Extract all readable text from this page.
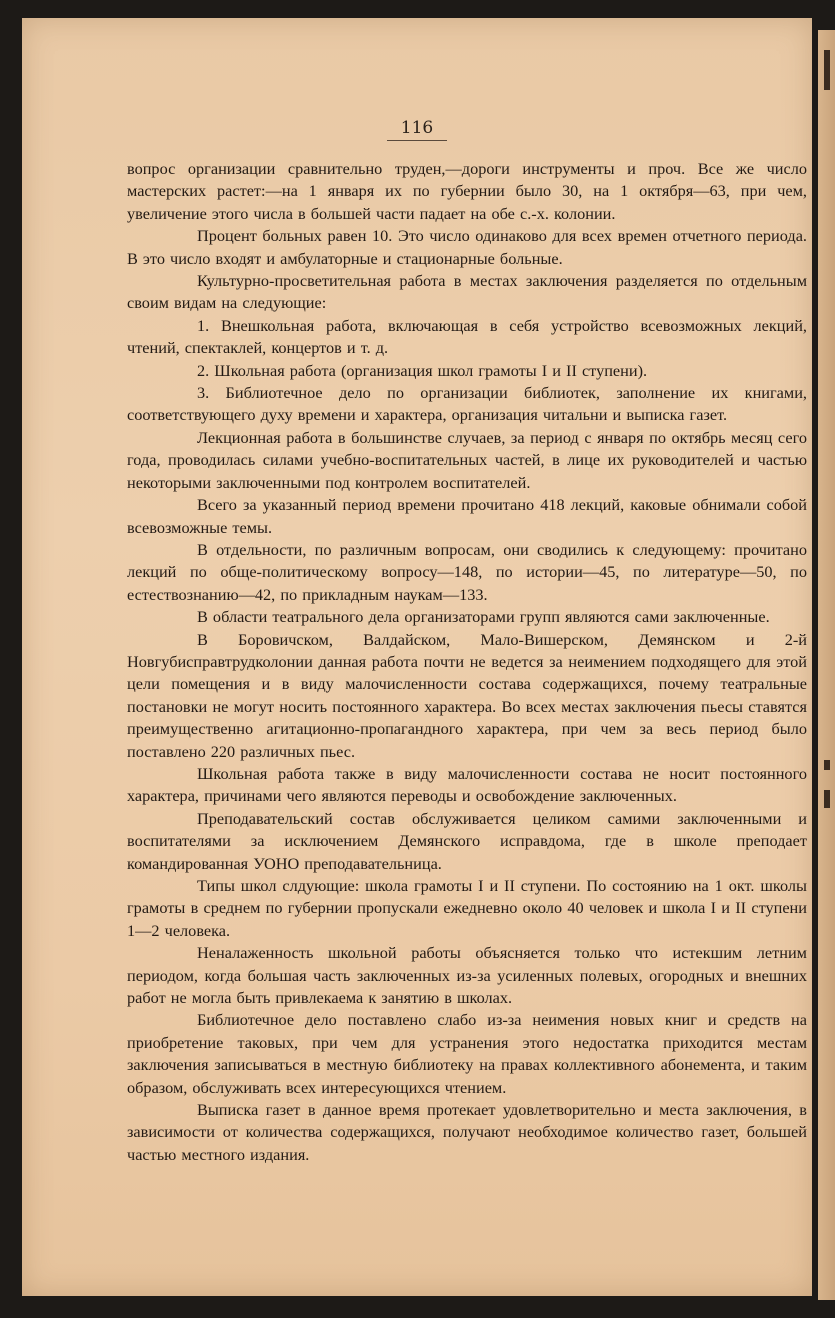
116

вопрос организации сравнительно труден,—дороги инструменты и проч. Все же число мастерских растет:—на 1 января их по губернии было 30, на 1 октября—63, при чем, увеличение этого числа в большей части падает на обе с.-х. колонии.

Процент больных равен 10. Это число одинаково для всех времен отчетного периода. В это число входят и амбулаторные и стационарные больные.

Культурно-просветительная работа в местах заключения разделяется по отдельным своим видам на следующие:

1. Внешкольная работа, включающая в себя устройство всевозможных лекций, чтений, спектаклей, концертов и т. д.

2. Школьная работа (организация школ грамоты I и II ступени).

3. Библиотечное дело по организации библиотек, заполнение их книгами, соответствующего духу времени и характера, организация читальни и выписка газет.

Лекционная работа в большинстве случаев, за период с января по октябрь месяц сего года, проводилась силами учебно-воспитательных частей, в лице их руководителей и частью некоторыми заключенными под контролем воспитателей.

Всего за указанный период времени прочитано 418 лекций, каковые обнимали собой всевозможные темы.

В отдельности, по различным вопросам, они сводились к следующему: прочитано лекций по обще-политическому вопросу—148, по истории—45, по литературе—50, по естествознанию—42, по прикладным наукам—133.

В области театрального дела организаторами групп являются сами заключенные.

В Боровичском, Валдайском, Мало-Вишерском, Демянском и 2-й Новгубисправтрудколонии данная работа почти не ведется за неимением подходящего для этой цели помещения и в виду малочисленности состава содержащихся, почему театральные постановки не могут носить постоянного характера. Во всех местах заключения пьесы ставятся преимущественно агитационно-пропагандного характера, при чем за весь период было поставлено 220 различных пьес.

Школьная работа также в виду малочисленности состава не носит постоянного характера, причинами чего являются переводы и освобождение заключенных.

Преподавательский состав обслуживается целиком самими заключенными и воспитателями за исключением Демянского исправдома, где в школе преподает командированная УОНО преподавательница.

Типы школ слдующие: школа грамоты I и II ступени. По состоянию на 1 окт. школы грамоты в среднем по губернии пропускали ежедневно около 40 человек и школа I и II ступени 1—2 человека.

Неналаженность школьной работы объясняется только что истекшим летним периодом, когда большая часть заключенных из-за усиленных полевых, огородных и внешних работ не могла быть привлекаема к занятию в школах.

Библиотечное дело поставлено слабо из-за неимения новых книг и средств на приобретение таковых, при чем для устранения этого недостатка приходится местам заключения записываться в местную библиотеку на правах коллективного абонемента, и таким образом, обслуживать всех интересующихся чтением.

Выписка газет в данное время протекает удовлетворительно и места заключения, в зависимости от количества содержащихся, получают необходимое количество газет, большей частью местного издания.
